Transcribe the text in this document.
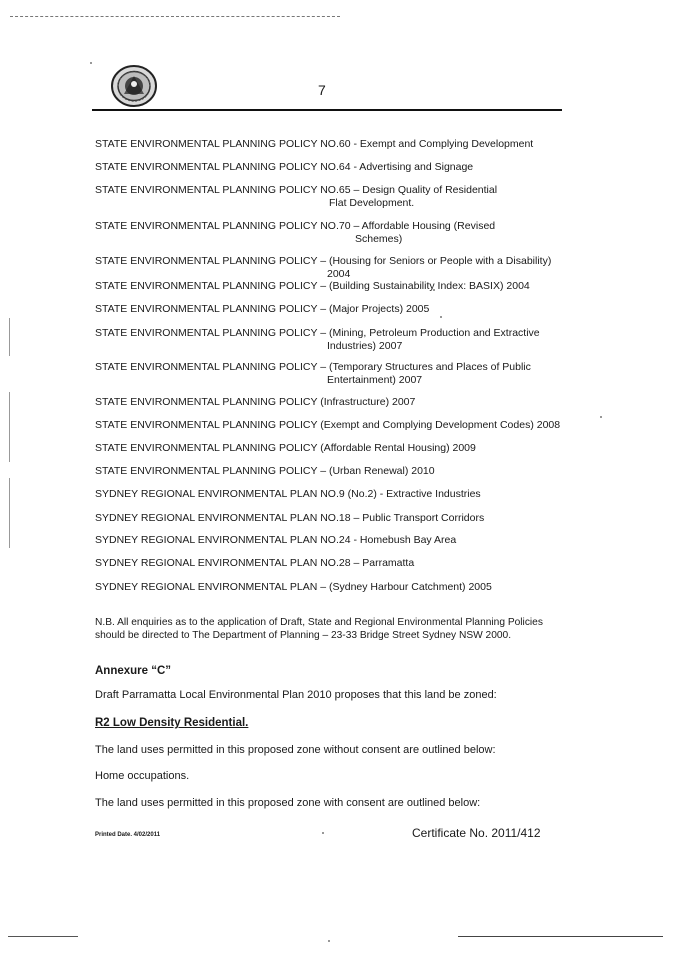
7
STATE ENVIRONMENTAL PLANNING POLICY NO.60 - Exempt and Complying Development
STATE ENVIRONMENTAL PLANNING POLICY NO.64 - Advertising and Signage
STATE ENVIRONMENTAL PLANNING POLICY NO.65 – Design Quality of Residential
Flat Development.
STATE ENVIRONMENTAL PLANNING POLICY NO.70 – Affordable Housing (Revised
Schemes)
STATE ENVIRONMENTAL PLANNING POLICY – (Housing for Seniors or People with a Disability)
2004
STATE ENVIRONMENTAL PLANNING POLICY – (Building Sustainability Index: BASIX) 2004
STATE ENVIRONMENTAL PLANNING POLICY – (Major Projects) 2005
STATE ENVIRONMENTAL PLANNING POLICY – (Mining, Petroleum Production and Extractive
Industries) 2007
STATE ENVIRONMENTAL PLANNING POLICY – (Temporary Structures and Places of Public
Entertainment) 2007
STATE ENVIRONMENTAL PLANNING POLICY (Infrastructure) 2007
STATE ENVIRONMENTAL PLANNING POLICY (Exempt and Complying Development Codes) 2008
STATE ENVIRONMENTAL PLANNING POLICY (Affordable Rental Housing) 2009
STATE ENVIRONMENTAL PLANNING POLICY – (Urban Renewal) 2010
SYDNEY REGIONAL ENVIRONMENTAL PLAN NO.9 (No.2) - Extractive Industries
SYDNEY REGIONAL ENVIRONMENTAL PLAN NO.18 – Public Transport Corridors
SYDNEY REGIONAL ENVIRONMENTAL PLAN NO.24 - Homebush Bay Area
SYDNEY REGIONAL ENVIRONMENTAL PLAN NO.28 – Parramatta
SYDNEY REGIONAL ENVIRONMENTAL PLAN – (Sydney Harbour Catchment) 2005
N.B. All enquiries as to the application of Draft, State and Regional Environmental Planning Policies should be directed to The Department of Planning – 23-33 Bridge Street Sydney NSW 2000.
Annexure “C”
Draft Parramatta Local Environmental Plan 2010 proposes that this land be zoned:
R2 Low Density Residential.
The land uses permitted in this proposed zone without consent are outlined below:
Home occupations.
The land uses permitted in this proposed zone with consent are outlined below:
Printed Date. 4/02/2011	Certificate No. 2011/412
